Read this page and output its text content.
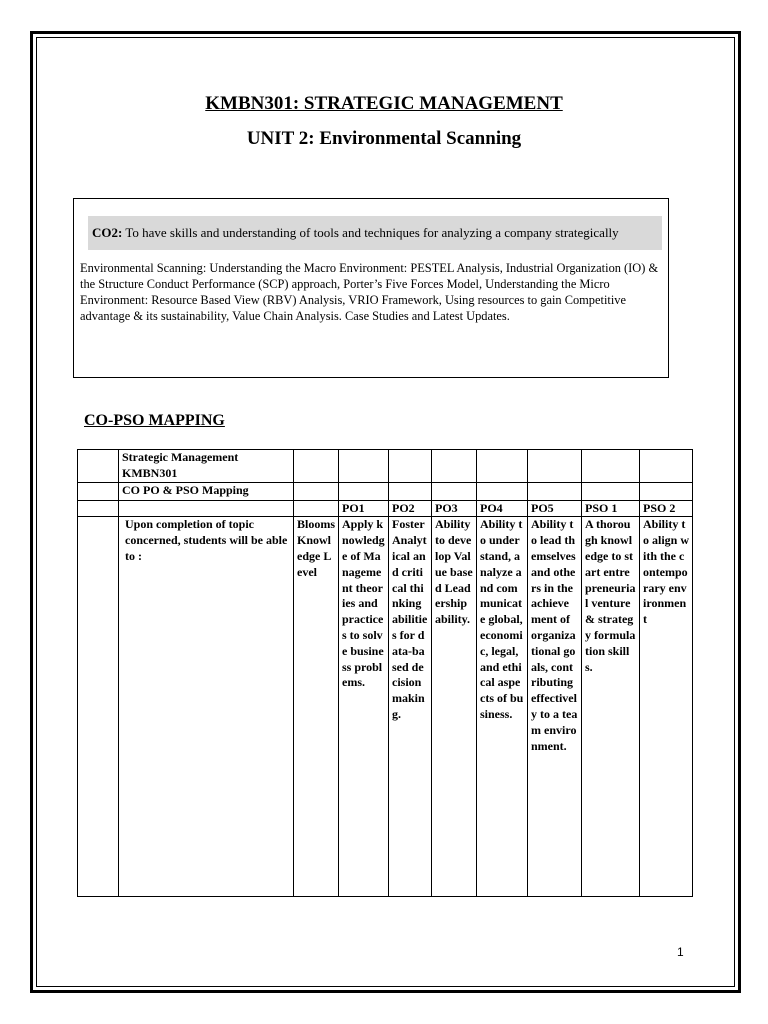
KMBN301: STRATEGIC MANAGEMENT
UNIT 2: Environmental Scanning
CO2: To have skills and understanding of tools and techniques for analyzing a company strategically
Environmental Scanning: Understanding the Macro Environment: PESTEL Analysis, Industrial Organization (IO) & the Structure Conduct Performance (SCP) approach, Porter’s Five Forces Model, Understanding the Micro Environment: Resource Based View (RBV) Analysis, VRIO Framework, Using resources to gain Competitive advantage & its sustainability, Value Chain Analysis. Case Studies and Latest Updates.
CO-PSO MAPPING
	Strategic Management KMBN301								
	CO PO & PSO Mapping								
			PO1	PO2	PO3	PO4	PO5	PSO 1	PSO 2
	Upon completion of topic concerned, students will be able to :	Blooms Knowledge Level	Apply knowledge of Management theories and practices to solve business problems.	Foster Analytical and critical thinking abilities for data-based decision making.	Ability to develop Value based Leadership ability.	Ability to understand, analyze and communicate global, economic, legal, and ethical aspects of business.	Ability to lead themselves and others in the achievement of organizational goals, contributing effectively to a team environment.	A thorough knowledge to start entrepreneurial venture & strategy formulation skills.	Ability to align with the contemporary environment
1
